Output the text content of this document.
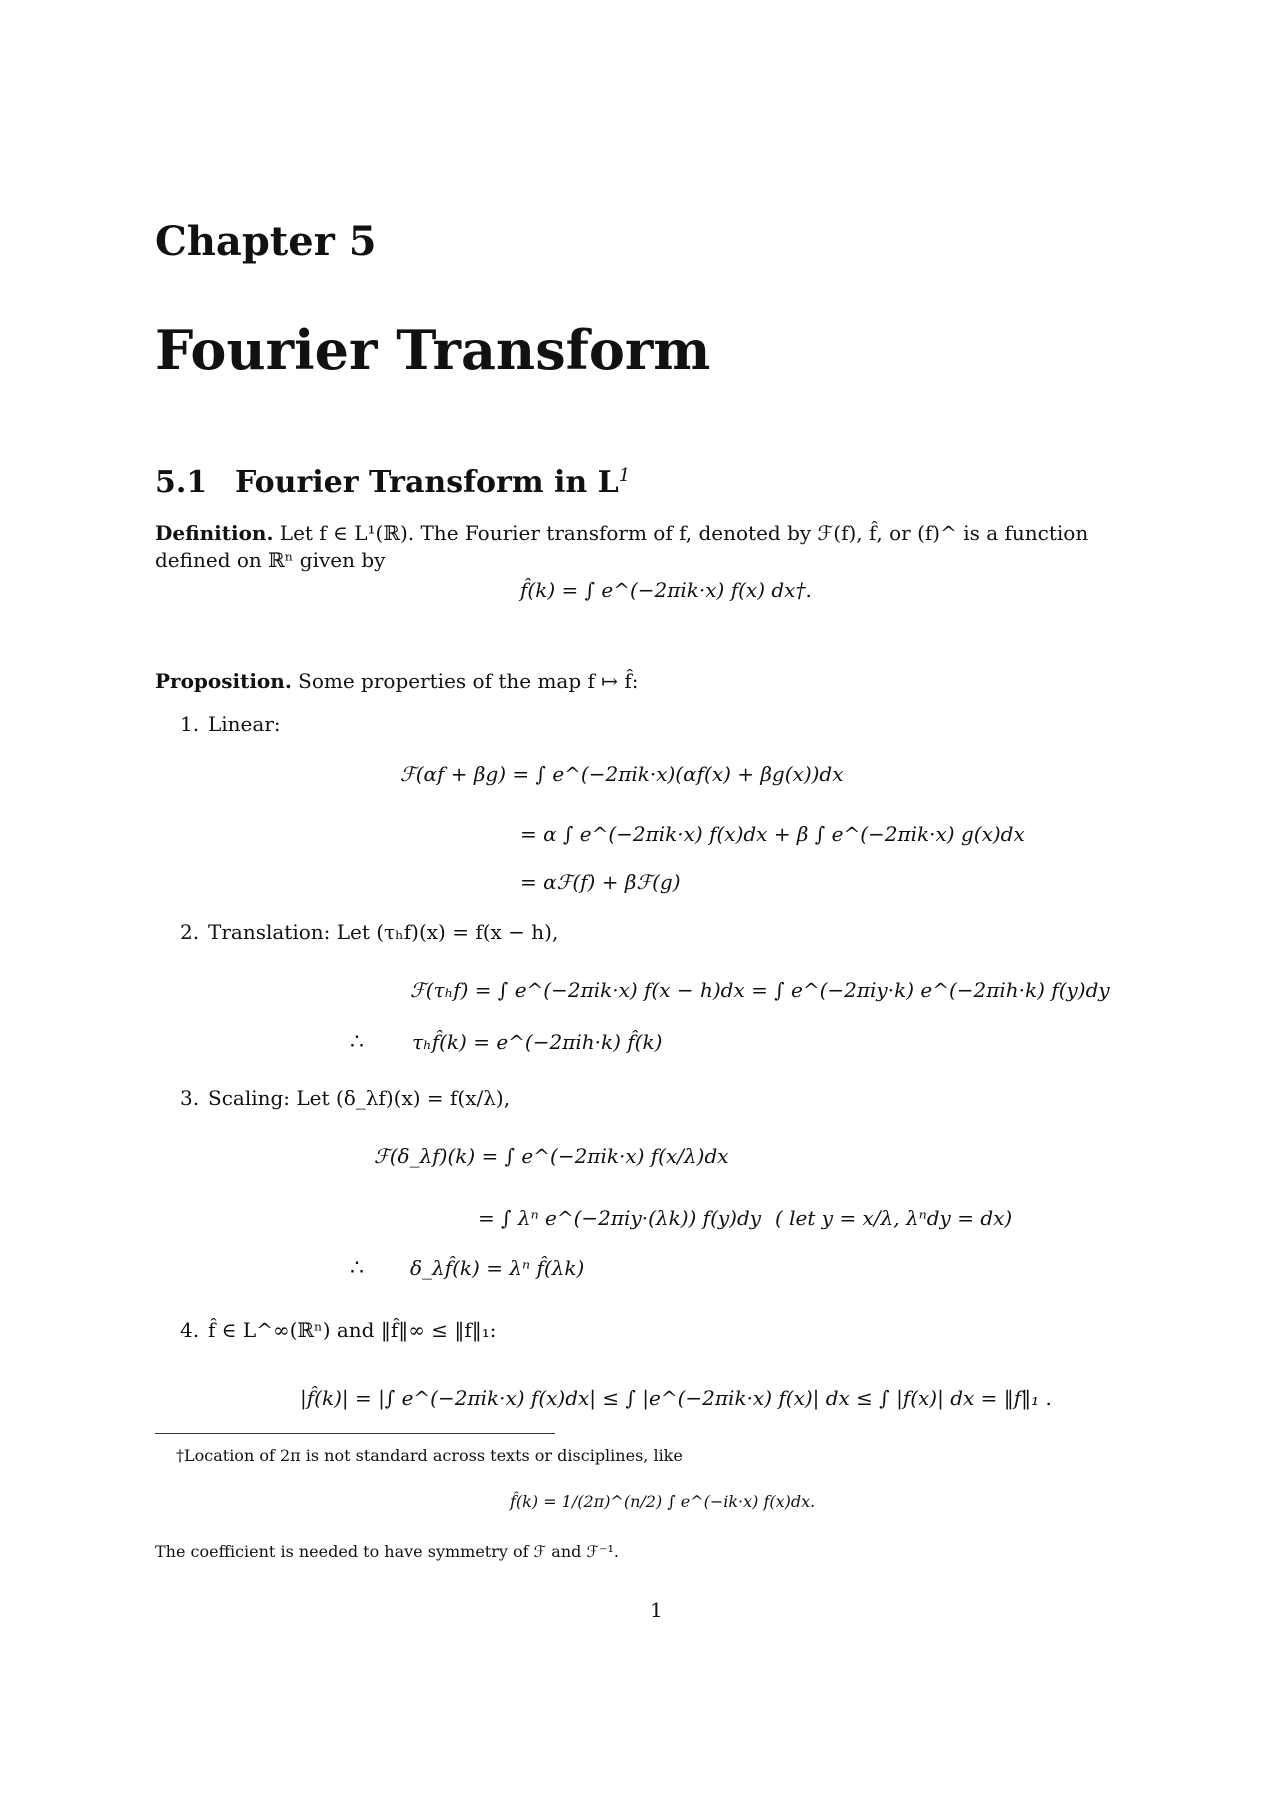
Chapter 5
Fourier Transform
5.1 Fourier Transform in $L^1$
Definition. Let f ∈ L¹(ℝ). The Fourier transform of f, denoted by ℱ(f), f̂, or (f)^ is a function defined on ℝⁿ given by
f̂(k) = ∫ e^(−2πik·x) f(x) dx†.
Proposition. Some properties of the map f ↦ f̂:
1. Linear:
ℱ(αf + βg) = ∫ e^(−2πik·x)(αf(x) + βg(x))dx
= α ∫ e^(−2πik·x) f(x)dx + β ∫ e^(−2πik·x) g(x)dx
= αℱ(f) + βℱ(g)
2. Translation: Let (τₕf)(x) = f(x − h),
ℱ(τₕf) = ∫ e^(−2πik·x) f(x − h)dx = ∫ e^(−2πiy·k) e^(−2πih·k) f(y)dy
∴ τₕf̂(k) = e^(−2πih·k) f̂(k)
3. Scaling: Let (δ_λf)(x) = f(x/λ),
ℱ(δ_λf)(k) = ∫ e^(−2πik·x) f(x/λ)dx
= ∫ λⁿ e^(−2πiy·(λk)) f(y)dy ( let y = x/λ, λⁿdy = dx)
∴ δ_λf̂(k) = λⁿ f̂(λk)
4. f̂ ∈ L^∞(ℝⁿ) and ‖f̂‖∞ ≤ ‖f‖₁:
|f̂(k)| = |∫ e^(−2πik·x) f(x)dx| ≤ ∫ |e^(−2πik·x) f(x)| dx ≤ ∫ |f(x)| dx = ‖f‖₁ .
†Location of 2π is not standard across texts or disciplines, like
f̂(k) = 1/(2π)^(n/2) ∫ e^(−ik·x) f(x)dx.
The coefficient is needed to have symmetry of ℱ and ℱ⁻¹.
1
